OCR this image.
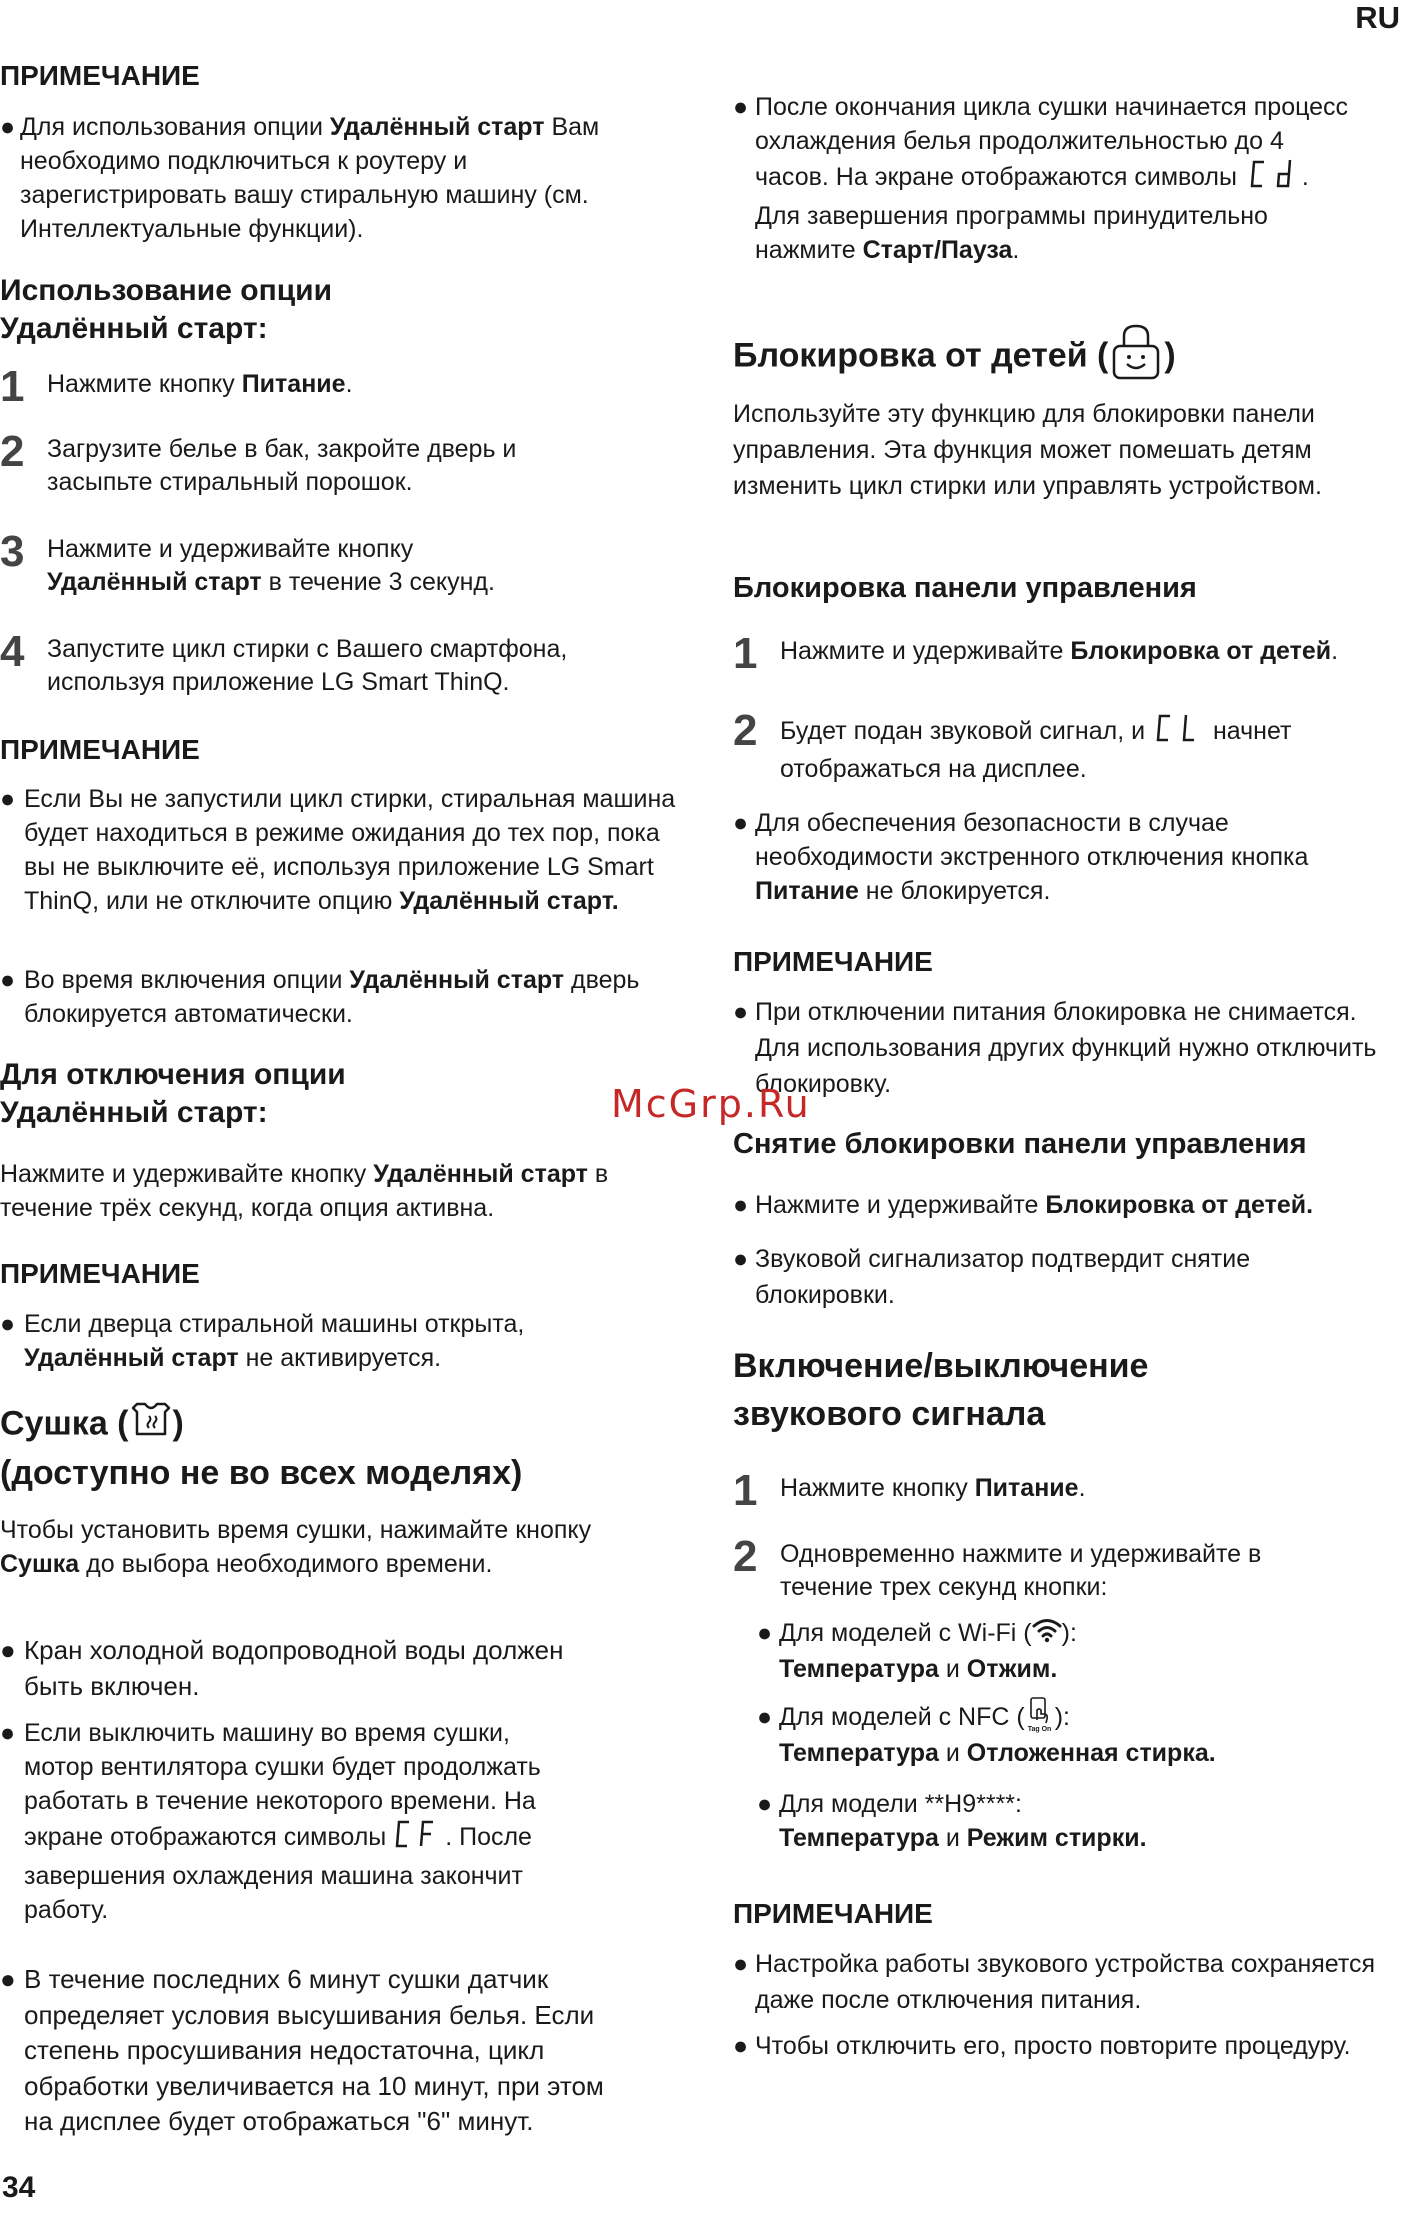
RU
34
ПРИМЕЧАНИЕ
● Для использования опции Удалённый старт Вам необходимо подключиться к роутеру и зарегистрировать вашу стиральную машину (см. Интеллектуальные функции).
Использование опции
Удалённый старт:
1 Нажмите кнопку Питание.
2 Загрузите белье в бак, закройте дверь и засыпьте стиральный порошок.
3 Нажмите и удерживайте кнопку
Удалённый старт в течение 3 секунд.
4 Запустите цикл стирки с Вашего смартфона, используя приложение LG Smart ThinQ.
ПРИМЕЧАНИЕ
● Если Вы не запустили цикл стирки, стиральная машина будет находиться в режиме ожидания до тех пор, пока вы не выключите её, используя приложение LG Smart ThinQ, или не отключите опцию Удалённый старт.
● Во время включения опции Удалённый старт дверь блокируется автоматически.
Для отключения опции
Удалённый старт:
Нажмите и удерживайте кнопку Удалённый старт в течение трёх секунд, когда опция активна.
ПРИМЕЧАНИЕ
● Если дверца стиральной машины открыта,
Удалённый старт не активируется.
Сушка ( )
(доступно не во всех моделях)
Чтобы установить время сушки, нажимайте кнопку Сушка до выбора необходимого времени.
● Кран холодной водопроводной воды должен быть включен.
● Если выключить машину во время сушки, мотор вентилятора сушки будет продолжать работать в течение некоторого времени. На экране отображаются символы . После завершения охлаждения машина закончит работу.
● В течение последних 6 минут сушки датчик определяет условия высушивания белья. Если степень просушивания недостаточна, цикл обработки увеличивается на 10 минут, при этом на дисплее будет отображаться "6" минут.
● После окончания цикла сушки начинается процесс охлаждения белья продолжительностью до 4 часов. На экране отображаются символы . Для завершения программы принудительно нажмите Старт/Пауза.
Блокировка от детей ( )
Используйте эту функцию для блокировки панели управления. Эта функция может помешать детям изменить цикл стирки или управлять устройством.
Блокировка панели управления
1 Нажмите и удерживайте Блокировка от детей.
2 Будет подан звуковой сигнал, и  начнет отображаться на дисплее.
● Для обеспечения безопасности в случае необходимости экстренного отключения кнопка Питание не блокируется.
ПРИМЕЧАНИЕ
● При отключении питания блокировка не снимается. Для использования других функций нужно отключить блокировку.
Снятие блокировки панели управления
● Нажмите и удерживайте Блокировка от детей.
● Звуковой сигнализатор подтвердит снятие блокировки.
Включение/выключение
звукового сигнала
1 Нажмите кнопку Питание.
2 Одновременно нажмите и удерживайте в течение трех секунд кнопки:
● Для моделей с Wi-Fi ( ):
Температура и Отжим.
● Для моделей с NFC ( Tag On ):
Температура и Отложенная стирка.
● Для модели **H9****:
Температура и Режим стирки.
ПРИМЕЧАНИЕ
● Настройка работы звукового устройства сохраняется даже после отключения питания.
● Чтобы отключить его, просто повторите процедуру.
McGrp.Ru
